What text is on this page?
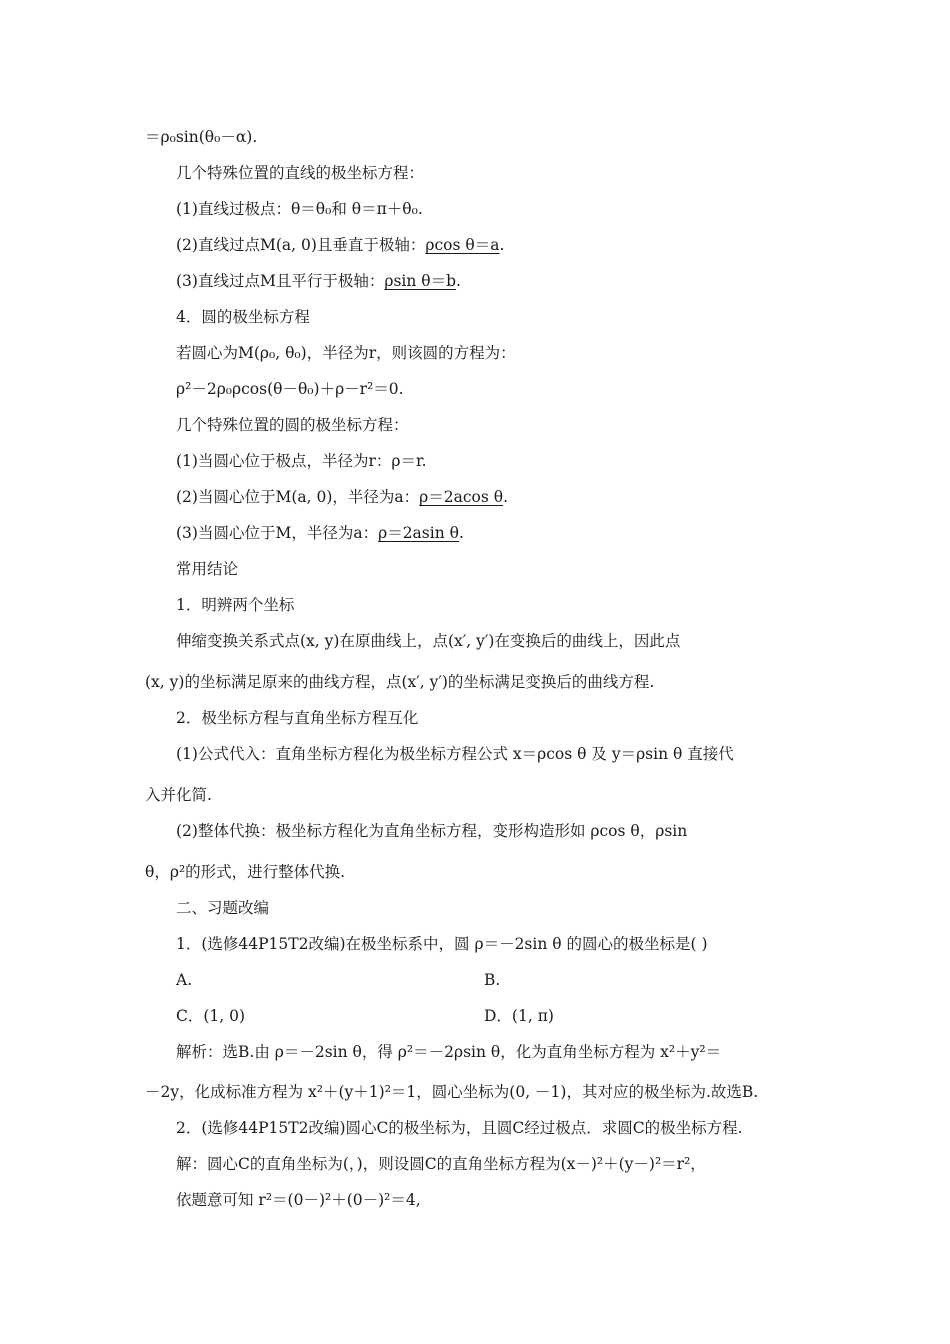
＝ρ₀sin(θ₀－α).
几个特殊位置的直线的极坐标方程：
(1)直线过极点：θ＝θ₀和 θ＝π＋θ₀.
(2)直线过点M(a, 0)且垂直于极轴：ρcos θ＝a.
(3)直线过点M且平行于极轴：ρsin θ＝b.
4．圆的极坐标方程
若圆心为M(ρ₀, θ₀)，半径为r，则该圆的方程为：
ρ²－2ρ₀ρcos(θ－θ₀)＋ρ－r²＝0.
几个特殊位置的圆的极坐标方程：
(1)当圆心位于极点，半径为r：ρ＝r.
(2)当圆心位于M(a, 0)，半径为a：ρ＝2acos θ.
(3)当圆心位于M，半径为a：ρ＝2asin θ.
常用结论
1．明辨两个坐标
伸缩变换关系式点(x, y)在原曲线上，点(x′, y′)在变换后的曲线上，因此点
(x, y)的坐标满足原来的曲线方程，点(x′, y′)的坐标满足变换后的曲线方程.
2．极坐标方程与直角坐标方程互化
(1)公式代入：直角坐标方程化为极坐标方程公式 x＝ρcos θ 及 y＝ρsin θ 直接代
入并化简.
(2)整体代换：极坐标方程化为直角坐标方程，变形构造形如 ρcos θ，ρsin
θ，ρ²的形式，进行整体代换.
二、习题改编
1．(选修44P15T2改编)在极坐标系中，圆 ρ＝－2sin θ 的圆心的极坐标是( )
A.	B.
C．(1, 0)	D．(1, π)
解析：选B.由 ρ＝－2sin θ，得 ρ²＝－2ρsin θ，化为直角坐标方程为 x²＋y²＝
－2y，化成标准方程为 x²＋(y＋1)²＝1，圆心坐标为(0, －1)，其对应的极坐标为.故选B.
2．(选修44P15T2改编)圆心C的极坐标为，且圆C经过极点．求圆C的极坐标方程.
解：圆心C的直角坐标为(，)，则设圆C的直角坐标方程为(x－)²＋(y－)²＝r²，
依题意可知 r²＝(0－)²＋(0－)²＝4,
